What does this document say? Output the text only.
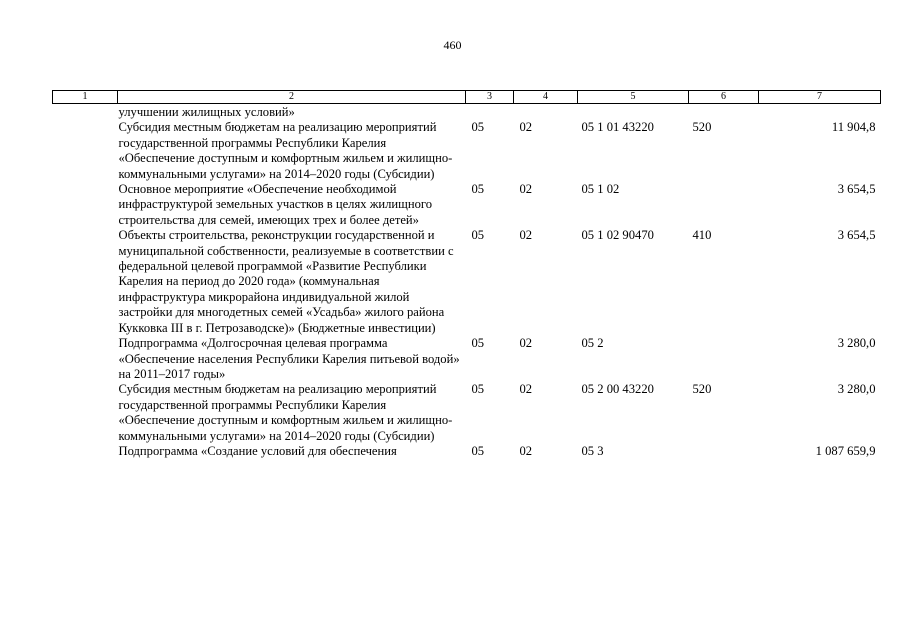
460
1	2	3	4	5	6	7
	улучшении жилищных условий»					
	Субсидия местным бюджетам на реализацию мероприятий государственной программы Республики Карелия «Обеспечение доступным и комфортным жильем и жилищно-коммунальными услугами» на 2014–2020 годы (Субсидии)	05	02	05 1 01 43220	520	11 904,8
	Основное мероприятие «Обеспечение необходимой инфраструктурой земельных участков в целях жилищного строительства для семей, имеющих трех и более детей»	05	02	05 1 02		3 654,5
	Объекты строительства, реконструкции государственной и муниципальной собственности, реализуемые в соответствии с федеральной целевой программой «Развитие Республики Карелия на период до 2020 года» (коммунальная инфраструктура микрорайона индивидуальной жилой застройки для многодетных семей «Усадьба» жилого района Кукковка III в г. Петрозаводске)» (Бюджетные инвестиции)	05	02	05 1 02 90470	410	3 654,5
	Подпрограмма «Долгосрочная целевая программа «Обеспечение населения Республики Карелия питьевой водой» на 2011–2017 годы»	05	02	05 2		3 280,0
	Субсидия местным бюджетам на реализацию мероприятий государственной программы Республики Карелия «Обеспечение доступным и комфортным жильем и жилищно-коммунальными услугами» на 2014–2020 годы (Субсидии)	05	02	05 2 00 43220	520	3 280,0
	Подпрограмма «Создание условий для обеспечения	05	02	05 3		1 087 659,9
